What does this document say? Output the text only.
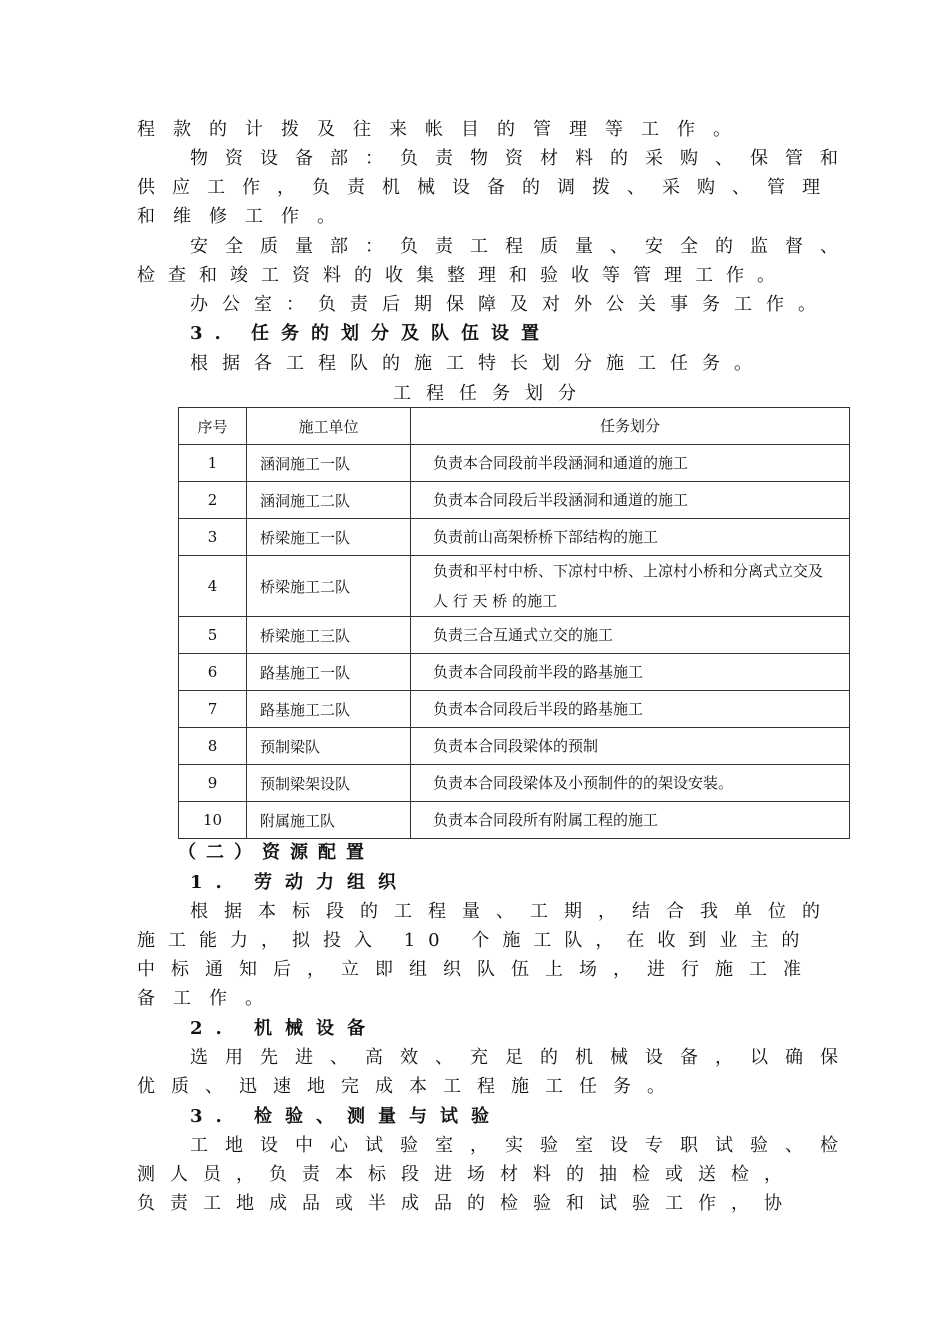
程款的计拨及往来帐目的管理等工作。
物资设备部：负责物资材料的采购、保管和
供应工作，负责机械设备的调拨、采购、管理
和维修工作。
安全质量部：负责工程质量、安全的监督、
检查和竣工资料的收集整理和验收等管理工作。
办公室：负责后期保障及对外公关事务工作。
3. 任务的划分及队伍设置
根据各工程队的施工特长划分施工任务。
工程任务划分
序号	施工单位	任务划分
1	涵洞施工一队	负责本合同段前半段涵洞和通道的施工
2	涵洞施工二队	负责本合同段后半段涵洞和通道的施工
3	桥梁施工一队	负责前山高架桥桥下部结构的施工
4	桥梁施工二队	负责和平村中桥、下凉村中桥、上凉村小桥和分离式立交及 人 行 天 桥 的施工
5	桥梁施工三队	负责三合互通式立交的施工
6	路基施工一队	负责本合同段前半段的路基施工
7	路基施工二队	负责本合同段后半段的路基施工
8	预制梁队	负责本合同段梁体的预制
9	预制梁架设队	负责本合同段梁体及小预制件的的架设安装。
10	附属施工队	负责本合同段所有附属工程的施工
（二）资源配置
1. 劳动力组织
根据本标段的工程量、工期，结合我单位的
施工能力，拟投入 10 个施工队，在收到业主的
中标通知后，立即组织队伍上场，进行施工准
备工作。
2. 机械设备
选用先进、高效、充足的机械设备，以确保
优质、迅速地完成本工程施工任务。
3. 检验、测量与试验
工地设中心试验室，实验室设专职试验、检
测人员，负责本标段进场材料的抽检或送检，
负责工地成品或半成品的检验和试验工作，协
